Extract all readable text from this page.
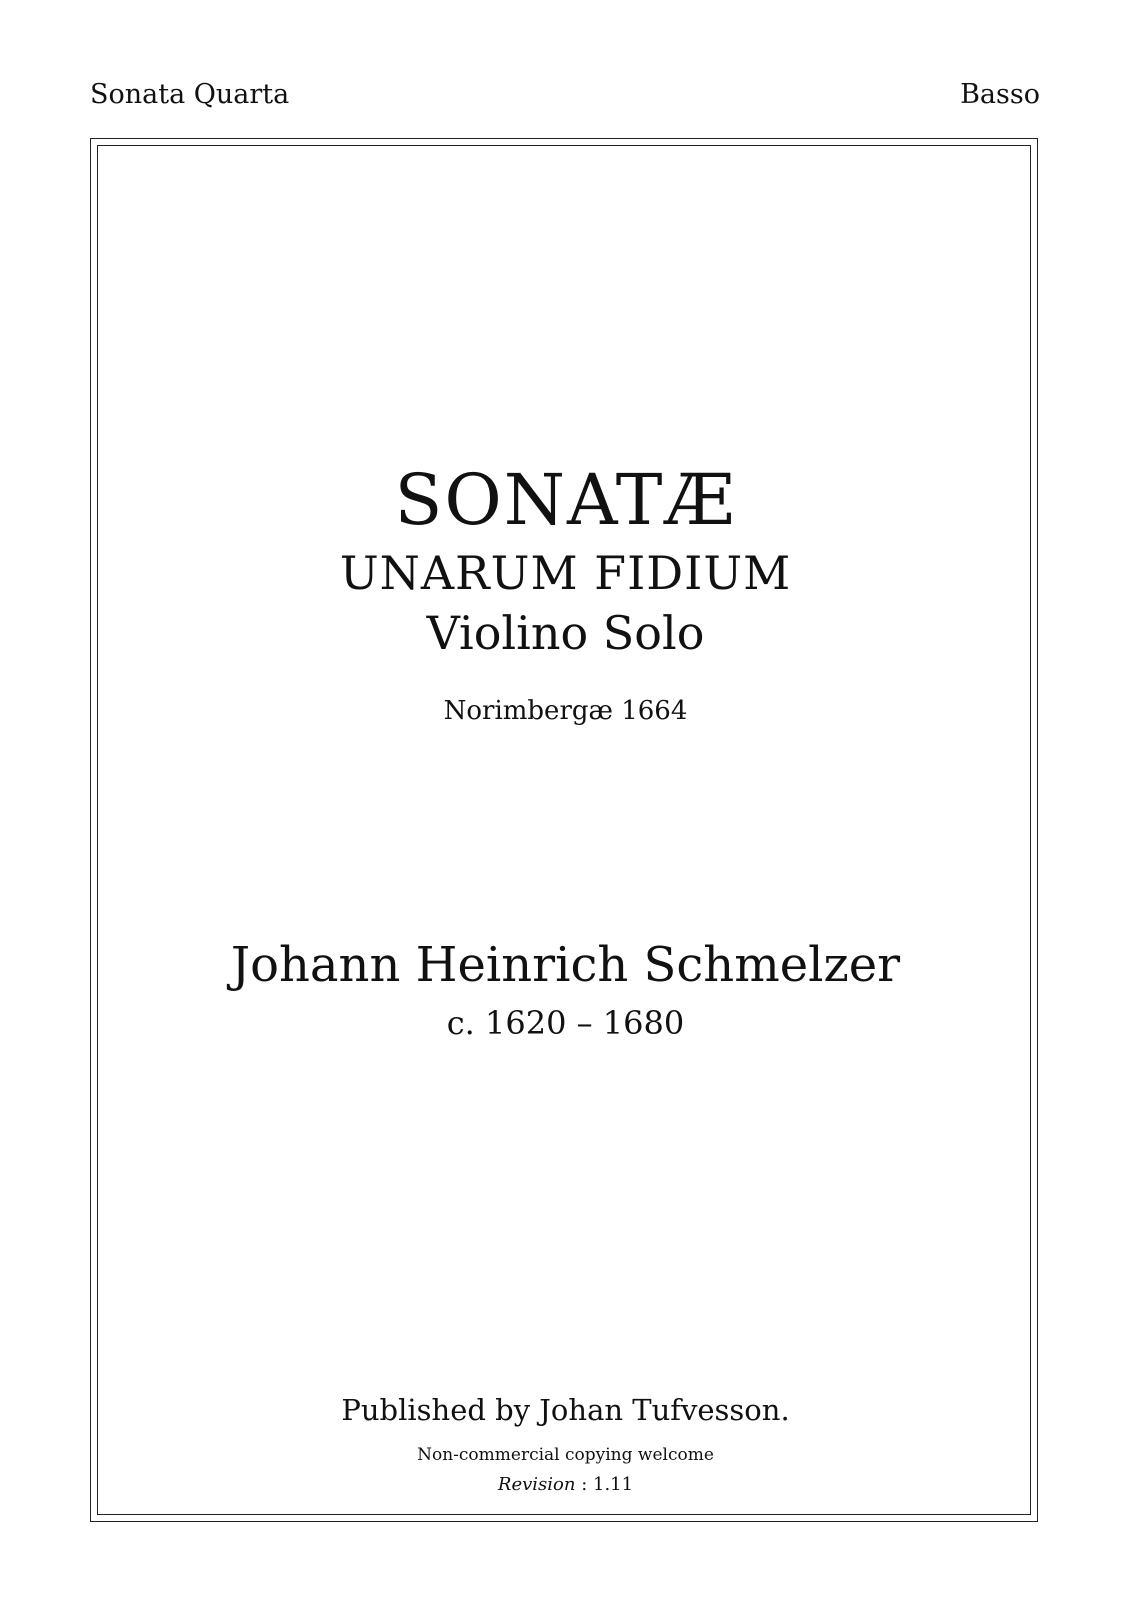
Sonata Quarta	Basso
SONATÆ
UNARUM FIDIUM
Violino Solo
Norimbergæ 1664
Johann Heinrich Schmelzer
c. 1620 – 1680
Published by Johan Tufvesson.
Non-commercial copying welcome
Revision : 1.11
